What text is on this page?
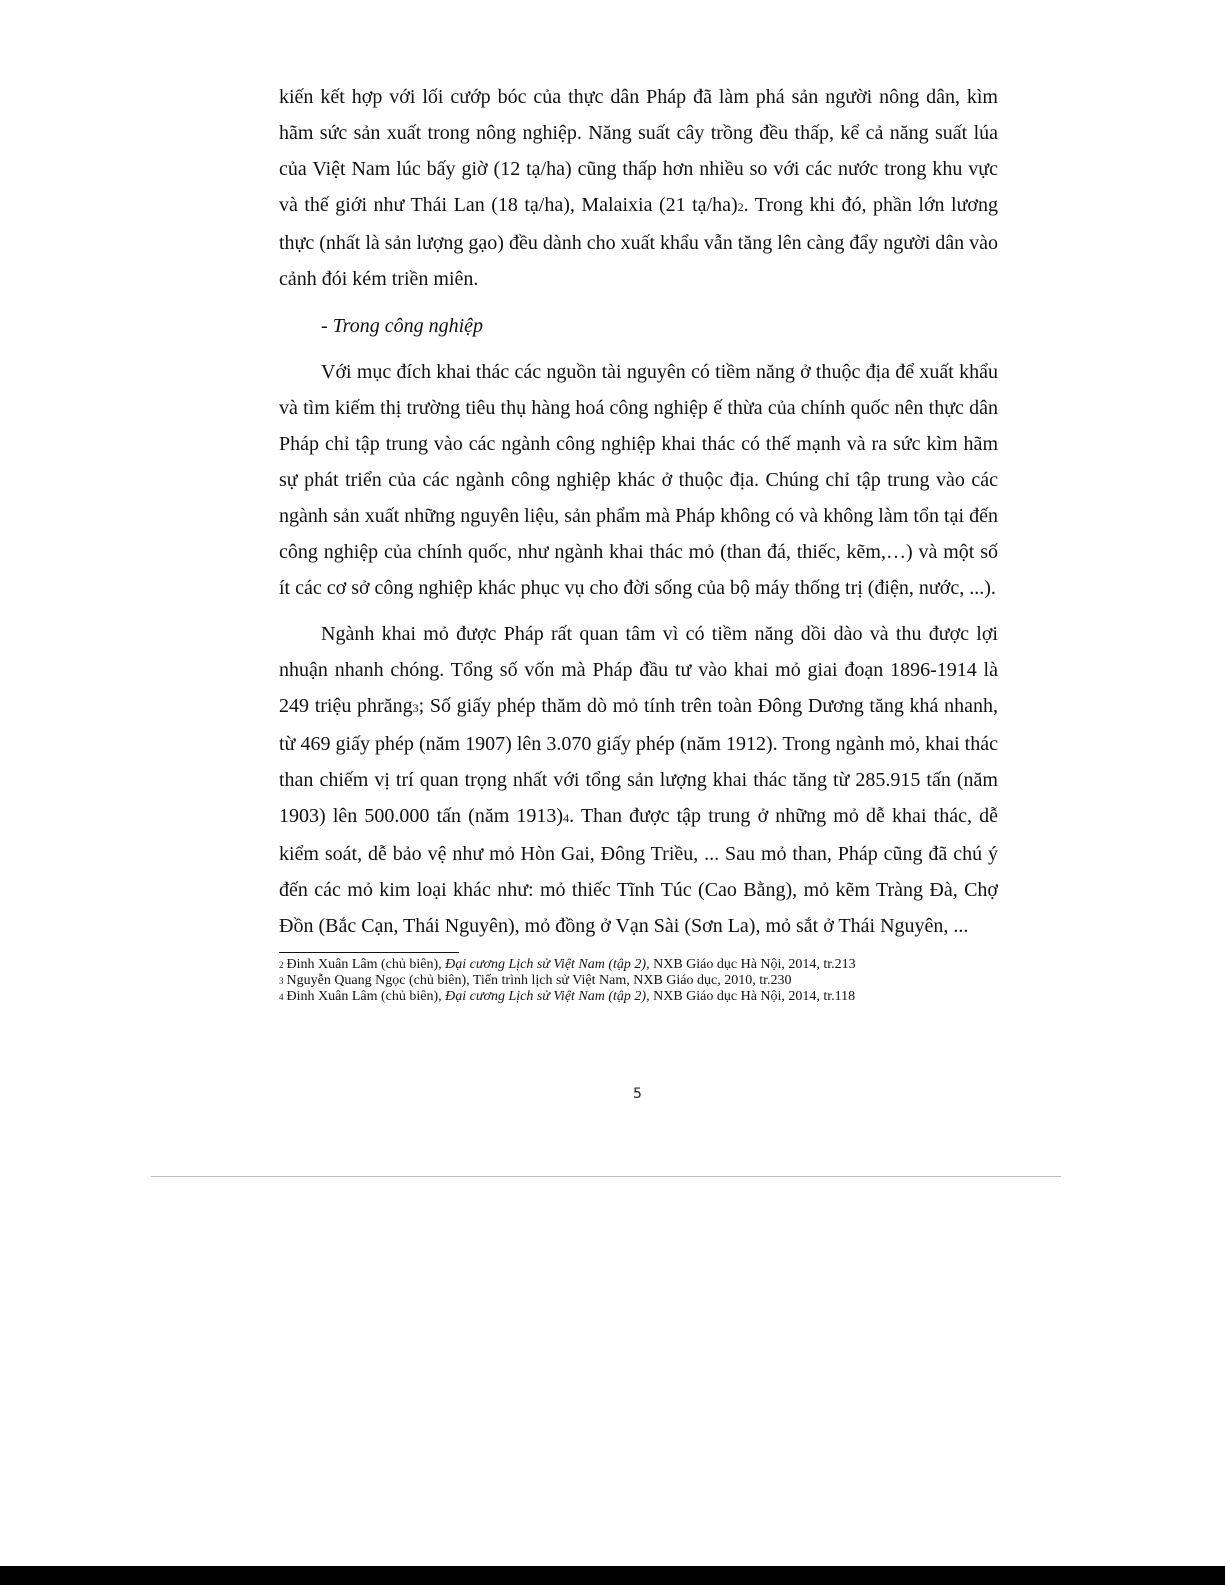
kiến kết hợp với lối cướp bóc của thực dân Pháp đã làm phá sản người nông dân, kìm hãm sức sản xuất trong nông nghiệp. Năng suất cây trồng đều thấp, kể cả năng suất lúa của Việt Nam lúc bấy giờ (12 tạ/ha) cũng thấp hơn nhiều so với các nước trong khu vực và thế giới như Thái Lan (18 tạ/ha), Malaixia (21 tạ/ha)2. Trong khi đó, phần lớn lương thực (nhất là sản lượng gạo) đều dành cho xuất khẩu vẫn tăng lên càng đẩy người dân vào cảnh đói kém triền miên.

- Trong công nghiệp

Với mục đích khai thác các nguồn tài nguyên có tiềm năng ở thuộc địa để xuất khẩu và tìm kiếm thị trường tiêu thụ hàng hoá công nghiệp ế thừa của chính quốc nên thực dân Pháp chỉ tập trung vào các ngành công nghiệp khai thác có thế mạnh và ra sức kìm hãm sự phát triển của các ngành công nghiệp khác ở thuộc địa. Chúng chỉ tập trung vào các ngành sản xuất những nguyên liệu, sản phẩm mà Pháp không có và không làm tổn tại đến công nghiệp của chính quốc, như ngành khai thác mỏ (than đá, thiếc, kẽm,…) và một số ít các cơ sở công nghiệp khác phục vụ cho đời sống của bộ máy thống trị (điện, nước, ...).

Ngành khai mỏ được Pháp rất quan tâm vì có tiềm năng dồi dào và thu được lợi nhuận nhanh chóng. Tổng số vốn mà Pháp đầu tư vào khai mỏ giai đoạn 1896-1914 là 249 triệu phrăng3; Số giấy phép thăm dò mỏ tính trên toàn Đông Dương tăng khá nhanh, từ 469 giấy phép (năm 1907) lên 3.070 giấy phép (năm 1912). Trong ngành mỏ, khai thác than chiếm vị trí quan trọng nhất với tổng sản lượng khai thác tăng từ 285.915 tấn (năm 1903) lên 500.000 tấn (năm 1913)4. Than được tập trung ở những mỏ dễ khai thác, dễ kiểm soát, dễ bảo vệ như mỏ Hòn Gai, Đông Triều, ... Sau mỏ than, Pháp cũng đã chú ý đến các mỏ kim loại khác như: mỏ thiếc Tĩnh Túc (Cao Bằng), mỏ kẽm Tràng Đà, Chợ Đồn (Bắc Cạn, Thái Nguyên), mỏ đồng ở Vạn Sài (Sơn La), mỏ sắt ở Thái Nguyên, ...

2 Đinh Xuân Lâm (chủ biên), Đại cương Lịch sử Việt Nam (tập 2), NXB Giáo dục Hà Nội, 2014, tr.213

3 Nguyễn Quang Ngọc (chủ biên), Tiến trình lịch sử Việt Nam, NXB Giáo dục, 2010, tr.230

4 Đinh Xuân Lâm (chủ biên), Đại cương Lịch sử Việt Nam (tập 2), NXB Giáo dục Hà Nội, 2014, tr.118

5
